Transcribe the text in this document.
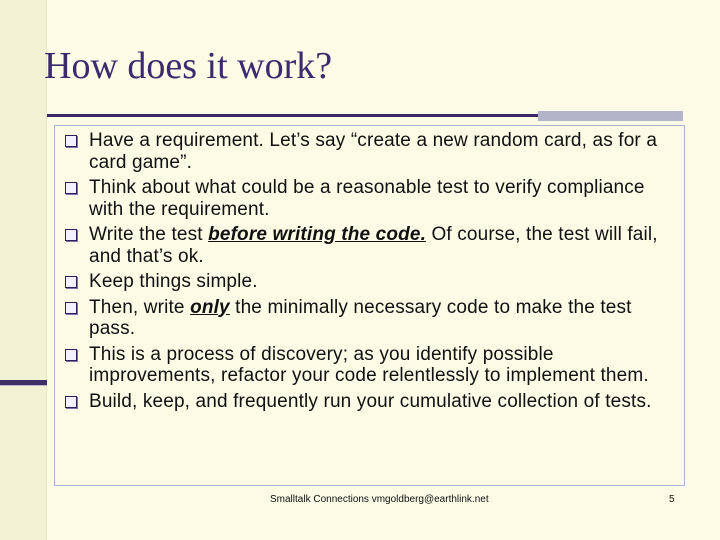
How does it work?
Have a requirement. Let’s say “create a new random card, as for a card game”.
Think about what could be a reasonable test to verify compliance with the requirement.
Write the test before writing the code. Of course, the test will fail, and that’s ok.
Keep things simple.
Then, write only the minimally necessary code to make the test pass.
This is a process of discovery; as you identify possible improvements, refactor your code relentlessly to implement them.
Build, keep, and frequently run your cumulative collection of tests.
Smalltalk Connections vmgoldberg@earthlink.net	5
